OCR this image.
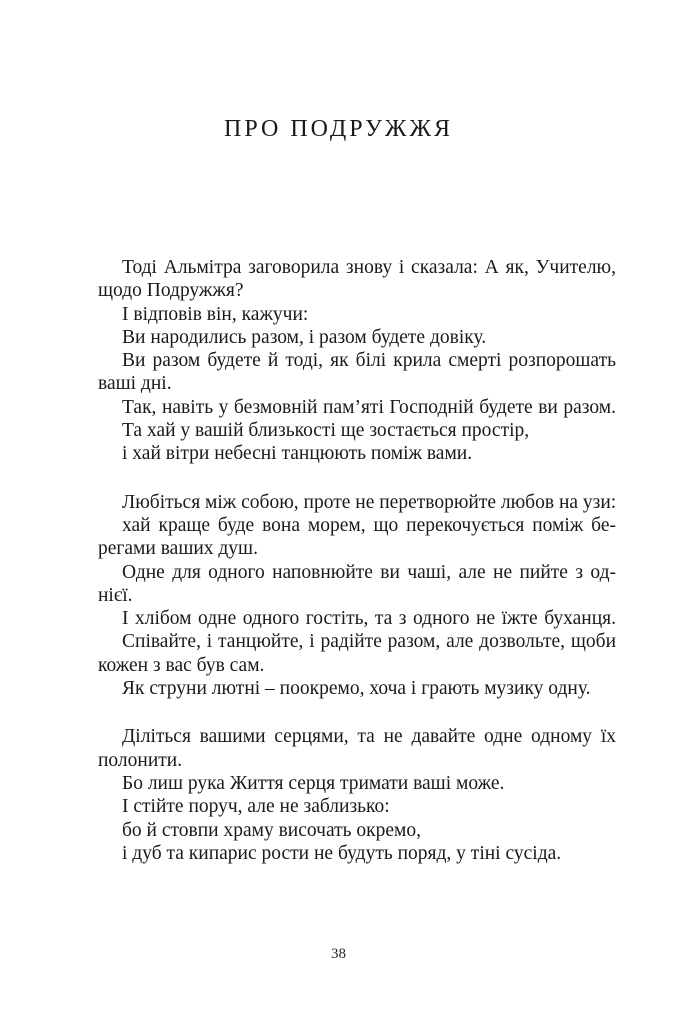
ПРО ПОДРУЖЖЯ
Тоді Альмітра заговорила знову і сказала: А як, Учителю,
щодо Подружжя?
І відповів він, кажучи:
Ви народились разом, і разом будете довіку.
Ви разом будете й тоді, як білі крила смерті розпорошать
ваші дні.
Так, навіть у безмовній пам’яті Господній будете ви разом.
Та хай у вашій близькості ще зостається простір,
і хай вітри небесні танцюють поміж вами.
Любіться між собою, проте не перетворюйте любов на узи:
хай краще буде вона морем, що перекочується поміж бе-
регами ваших душ.
Одне для одного наповнюйте ви чаші, але не пийте з од-
нієї.
І хлібом одне одного гостіть, та з одного не їжте буханця.
Співайте, і танцюйте, і радійте разом, але дозвольте, щоби
кожен з вас був сам.
Як струни лютні – поокремо, хоча і грають музику одну.
Діліться вашими серцями, та не давайте одне одному їх
полонити.
Бо лиш рука Життя серця тримати ваші може.
І стійте поруч, але не заблизько:
бо й стовпи храму височать окремо,
і дуб та кипарис рости не будуть поряд, у тіні сусіда.
38
